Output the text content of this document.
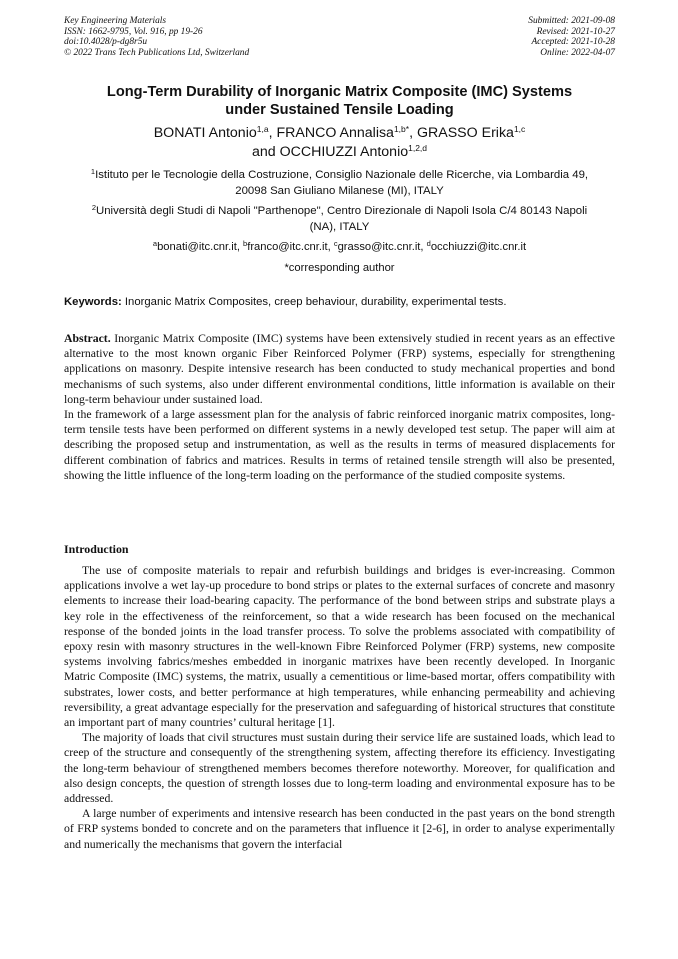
Key Engineering Materials
ISSN: 1662-9795, Vol. 916, pp 19-26
doi:10.4028/p-dg8r5u
© 2022 Trans Tech Publications Ltd, Switzerland
Submitted: 2021-09-08
Revised: 2021-10-27
Accepted: 2021-10-28
Online: 2022-04-07
Long-Term Durability of Inorganic Matrix Composite (IMC) Systems
under Sustained Tensile Loading
BONATI Antonio$^{1,a}$, FRANCO Annalisa$^{1,b*}$, GRASSO Erika$^{1,c}$
and OCCHIUZZI Antonio$^{1,2,d}$
$^1$Istituto per le Tecnologie della Costruzione, Consiglio Nazionale delle Ricerche, via Lombardia 49,
20098 San Giuliano Milanese (MI), ITALY
$^2$Università degli Studi di Napoli "Parthenope", Centro Direzionale di Napoli Isola C/4 80143 Napoli
(NA), ITALY
$^a$bonati@itc.cnr.it, $^b$franco@itc.cnr.it, $^c$grasso@itc.cnr.it, $^d$occhiuzzi@itc.cnr.it
*corresponding author
Keywords: Inorganic Matrix Composites, creep behaviour, durability, experimental tests.

Abstract. Inorganic Matrix Composite (IMC) systems have been extensively studied in recent years as an effective alternative to the most known organic Fiber Reinforced Polymer (FRP) systems, especially for strengthening applications on masonry. Despite intensive research has been conducted to study mechanical properties and bond mechanisms of such systems, also under different environmental conditions, little information is available on their long-term behaviour under sustained load.

In the framework of a large assessment plan for the analysis of fabric reinforced inorganic matrix composites, long-term tensile tests have been performed on different systems in a newly developed test setup. The paper will aim at describing the proposed setup and instrumentation, as well as the results in terms of measured displacements for different combination of fabrics and matrices. Results in terms of retained tensile strength will also be presented, showing the little influence of the long-term loading on the performance of the studied composite systems.

Introduction

The use of composite materials to repair and refurbish buildings and bridges is ever-increasing. Common applications involve a wet lay-up procedure to bond strips or plates to the external surfaces of concrete and masonry elements to increase their load-bearing capacity. The performance of the bond between strips and substrate plays a key role in the effectiveness of the reinforcement, so that a wide research has been focused on the mechanical response of the bonded joints in the load transfer process. To solve the problems associated with compatibility of epoxy resin with masonry structures in the well-known Fibre Reinforced Polymer (FRP) systems, new composite systems involving fabrics/meshes embedded in inorganic matrixes have been recently developed. In Inorganic Matric Composite (IMC) systems, the matrix, usually a cementitious or lime-based mortar, offers compatibility with substrates, lower costs, and better performance at high temperatures, while enhancing permeability and achieving reversibility, a great advantage especially for the preservation and safeguarding of historical structures that constitute an important part of many countries’ cultural heritage [1].

The majority of loads that civil structures must sustain during their service life are sustained loads, which lead to creep of the structure and consequently of the strengthening system, affecting therefore its efficiency. Investigating the long-term behaviour of strengthened members becomes therefore noteworthy. Moreover, for qualification and also design concepts, the question of strength losses due to long-term loading and environmental exposure has to be addressed.

A large number of experiments and intensive research has been conducted in the past years on the bond strength of FRP systems bonded to concrete and on the parameters that influence it [2-6], in order to analyse experimentally and numerically the mechanisms that govern the interfacial
